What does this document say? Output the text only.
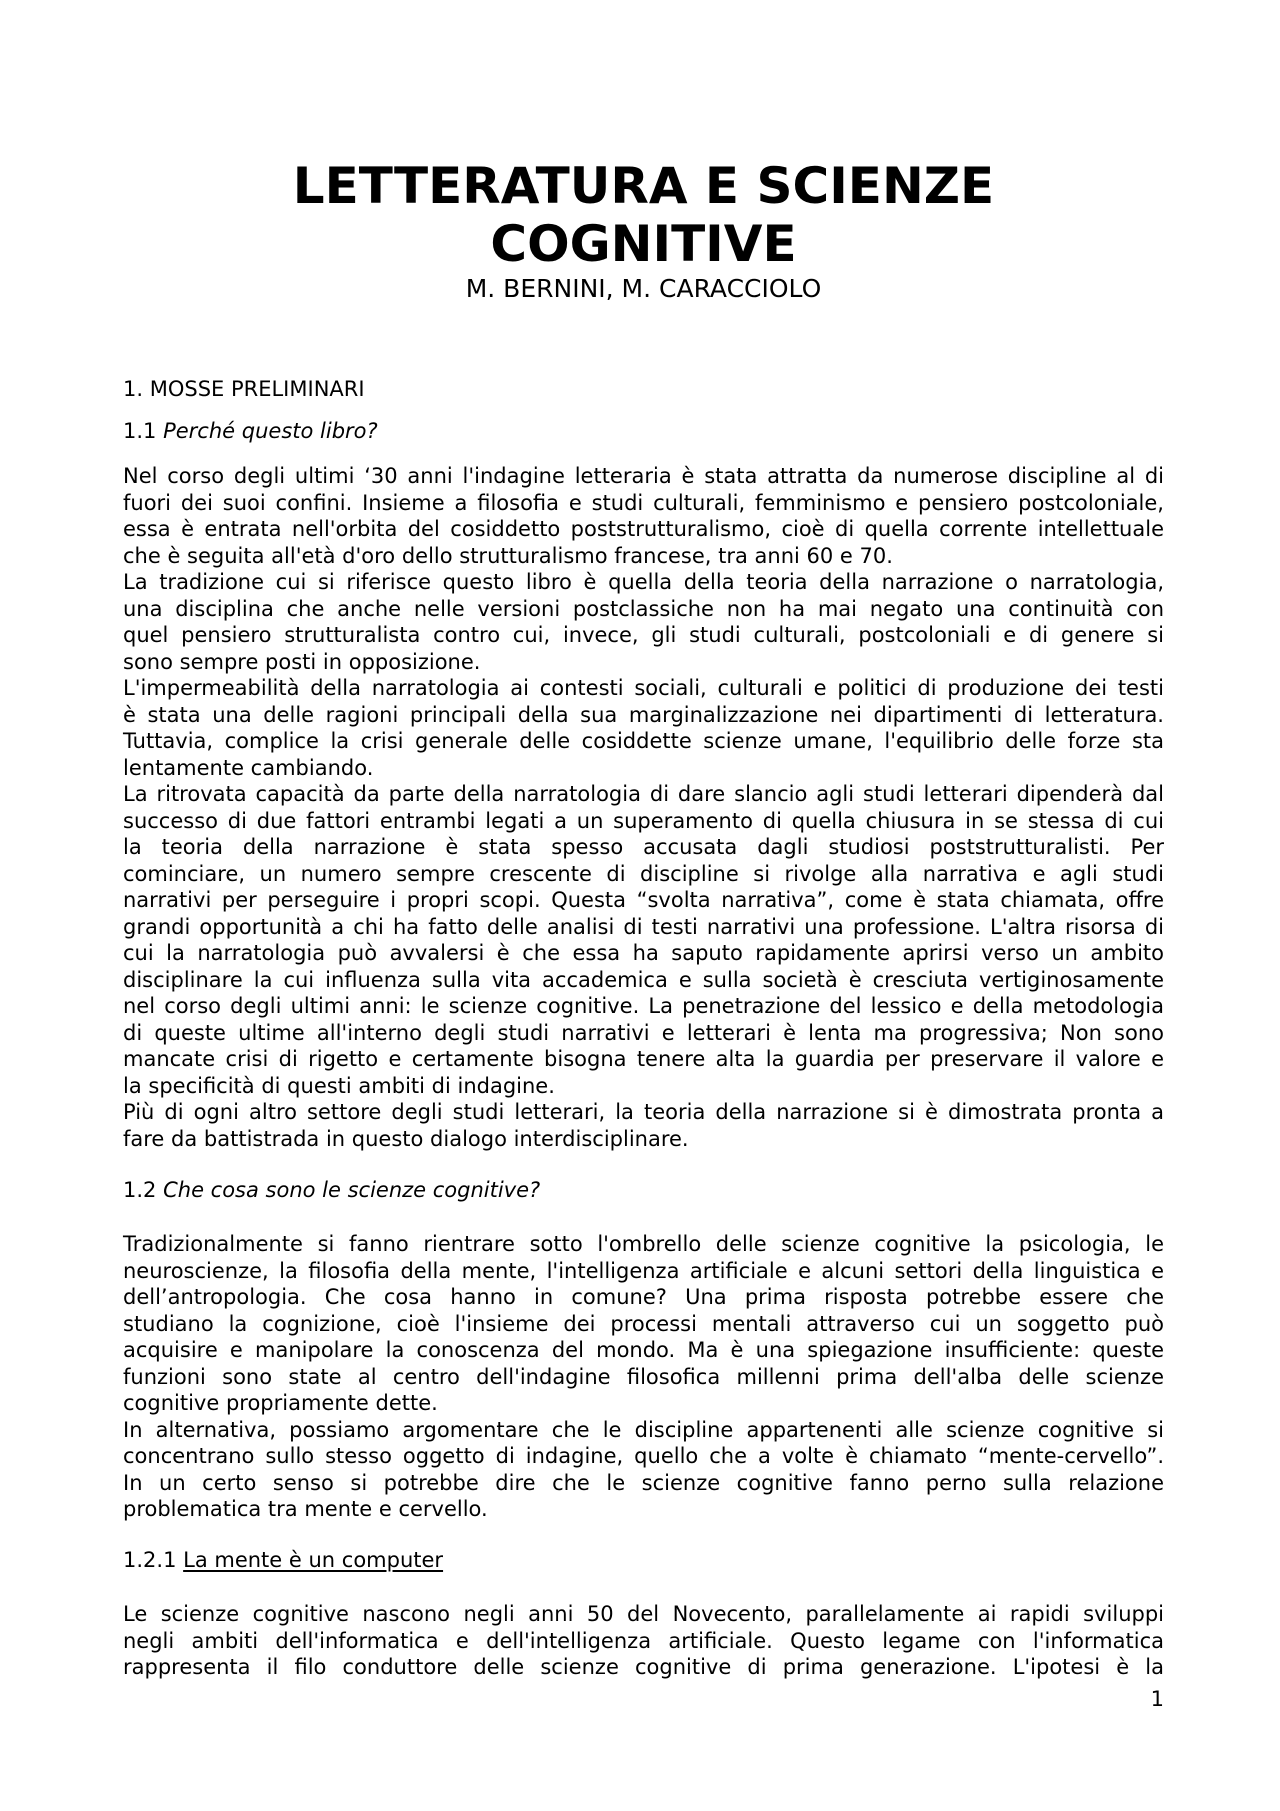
LETTERATURA E SCIENZE COGNITIVE
M. BERNINI, M. CARACCIOLO
1. MOSSE PRELIMINARI
1.1 Perché questo libro?
Nel corso degli ultimi ‘30 anni l'indagine letteraria è stata attratta da numerose discipline al di
fuori dei suoi confini. Insieme a filosofia e studi culturali, femminismo e pensiero postcoloniale,
essa è entrata nell'orbita del cosiddetto poststrutturalismo, cioè di quella corrente intellettuale
che è seguita all'età d'oro dello strutturalismo francese, tra anni 60 e 70.
La tradizione cui si riferisce questo libro è quella della teoria della narrazione o narratologia,
una disciplina che anche nelle versioni postclassiche non ha mai negato una continuità con
quel pensiero strutturalista contro cui, invece, gli studi culturali, postcoloniali e di genere si
sono sempre posti in opposizione.
L'impermeabilità della narratologia ai contesti sociali, culturali e politici di produzione dei testi
è stata una delle ragioni principali della sua marginalizzazione nei dipartimenti di letteratura.
Tuttavia, complice la crisi generale delle cosiddette scienze umane, l'equilibrio delle forze sta
lentamente cambiando.
La ritrovata capacità da parte della narratologia di dare slancio agli studi letterari dipenderà dal
successo di due fattori entrambi legati a un superamento di quella chiusura in se stessa di cui
la teoria della narrazione è stata spesso accusata dagli studiosi poststrutturalisti. Per
cominciare, un numero sempre crescente di discipline si rivolge alla narrativa e agli studi
narrativi per perseguire i propri scopi. Questa “svolta narrativa”, come è stata chiamata, offre
grandi opportunità a chi ha fatto delle analisi di testi narrativi una professione. L'altra risorsa di
cui la narratologia può avvalersi è che essa ha saputo rapidamente aprirsi verso un ambito
disciplinare la cui influenza sulla vita accademica e sulla società è cresciuta vertiginosamente
nel corso degli ultimi anni: le scienze cognitive. La penetrazione del lessico e della metodologia
di queste ultime all'interno degli studi narrativi e letterari è lenta ma progressiva; Non sono
mancate crisi di rigetto e certamente bisogna tenere alta la guardia per preservare il valore e
la specificità di questi ambiti di indagine.
Più di ogni altro settore degli studi letterari, la teoria della narrazione si è dimostrata pronta a
fare da battistrada in questo dialogo interdisciplinare.
1.2 Che cosa sono le scienze cognitive?
Tradizionalmente si fanno rientrare sotto l'ombrello delle scienze cognitive la psicologia, le
neuroscienze, la filosofia della mente, l'intelligenza artificiale e alcuni settori della linguistica e
dell’antropologia. Che cosa hanno in comune? Una prima risposta potrebbe essere che
studiano la cognizione, cioè l'insieme dei processi mentali attraverso cui un soggetto può
acquisire e manipolare la conoscenza del mondo. Ma è una spiegazione insufficiente: queste
funzioni sono state al centro dell'indagine filosofica millenni prima dell'alba delle scienze
cognitive propriamente dette.
In alternativa, possiamo argomentare che le discipline appartenenti alle scienze cognitive si
concentrano sullo stesso oggetto di indagine, quello che a volte è chiamato “mente-cervello”.
In un certo senso si potrebbe dire che le scienze cognitive fanno perno sulla relazione
problematica tra mente e cervello.
1.2.1 La mente è un computer
Le scienze cognitive nascono negli anni 50 del Novecento, parallelamente ai rapidi sviluppi
negli ambiti dell'informatica e dell'intelligenza artificiale. Questo legame con l'informatica
rappresenta il filo conduttore delle scienze cognitive di prima generazione. L'ipotesi è la
1
